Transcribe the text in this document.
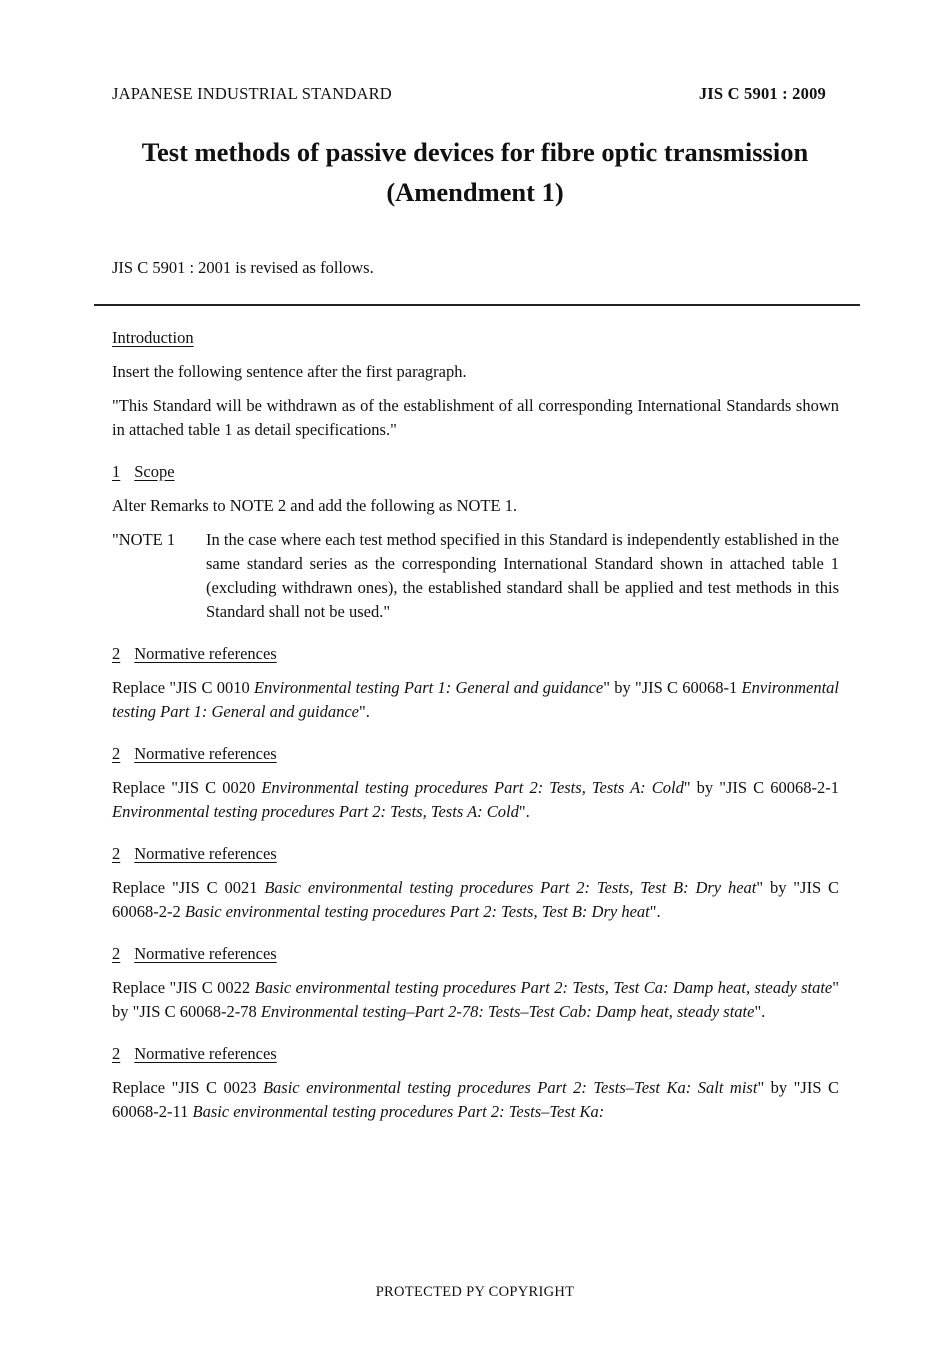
JAPANESE INDUSTRIAL STANDARD	JIS C 5901 : 2009
Test methods of passive devices for fibre optic transmission
(Amendment 1)
JIS C 5901 : 2001 is revised as follows.
Introduction

Insert the following sentence after the first paragraph.

"This Standard will be withdrawn as of the establishment of all corresponding International Standards shown in attached table 1 as detail specifications."

1 Scope

Alter Remarks to NOTE 2 and add the following as NOTE 1.

"NOTE 1	In the case where each test method specified in this Standard is independently established in the same standard series as the corresponding International Standard shown in attached table 1 (excluding withdrawn ones), the established standard shall be applied and test methods in this Standard shall not be used."
2 Normative references

Replace "JIS C 0010 Environmental testing Part 1: General and guidance" by "JIS C 60068-1 Environmental testing Part 1: General and guidance".

2 Normative references

Replace "JIS C 0020 Environmental testing procedures Part 2: Tests, Tests A: Cold" by "JIS C 60068-2-1 Environmental testing procedures Part 2: Tests, Tests A: Cold".

2 Normative references

Replace "JIS C 0021 Basic environmental testing procedures Part 2: Tests, Test B: Dry heat" by "JIS C 60068-2-2 Basic environmental testing procedures Part 2: Tests, Test B: Dry heat".

2 Normative references

Replace "JIS C 0022 Basic environmental testing procedures Part 2: Tests, Test Ca: Damp heat, steady state" by "JIS C 60068-2-78 Environmental testing–Part 2-78: Tests–Test Cab: Damp heat, steady state".

2 Normative references

Replace "JIS C 0023 Basic environmental testing procedures Part 2: Tests–Test Ka: Salt mist" by "JIS C 60068-2-11 Basic environmental testing procedures Part 2: Tests–Test Ka:

PROTECTED PY COPYRIGHT
